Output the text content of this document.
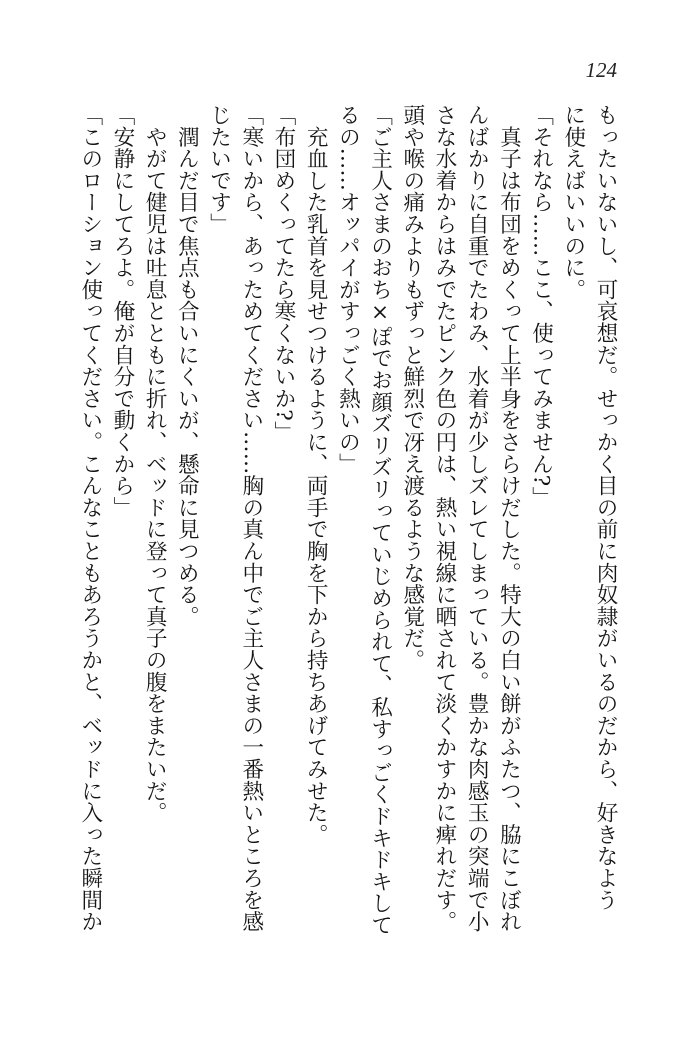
124
もったいないし、可哀想だ。せっかく目の前に肉奴隷がいるのだから、好きなよう
に使えばいいのに。
「それなら……ここ、使ってみません?」
　真子は布団をめくって上半身をさらけだした。特大の白い餅がふたつ、脇にこぼれ
んばかりに自重でたわみ、水着が少しズレてしまっている。豊かな肉感玉の突端で小
さな水着からはみでたピンク色の円は、熱い視線に晒されて淡くかすかに痺れだす。
頭や喉の痛みよりもずっと鮮烈で冴え渡るような感覚だ。
「ご主人さまのおち×ぽでお顔ズリズリっていじめられて、私すっごくドキドキして
るの……オッパイがすっごく熱いの」
　充血した乳首を見せつけるように、両手で胸を下から持ちあげてみせた。
「布団めくってたら寒くないか?」
「寒いから、あっためてください……胸の真ん中でご主人さまの一番熱いところを感
じたいです」
　潤んだ目で焦点も合いにくいが、懸命に見つめる。
　やがて健児は吐息とともに折れ、ベッドに登って真子の腹をまたいだ。
「安静にしてろよ。俺が自分で動くから」
「このローション使ってください。こんなこともあろうかと、ベッドに入った瞬間か
